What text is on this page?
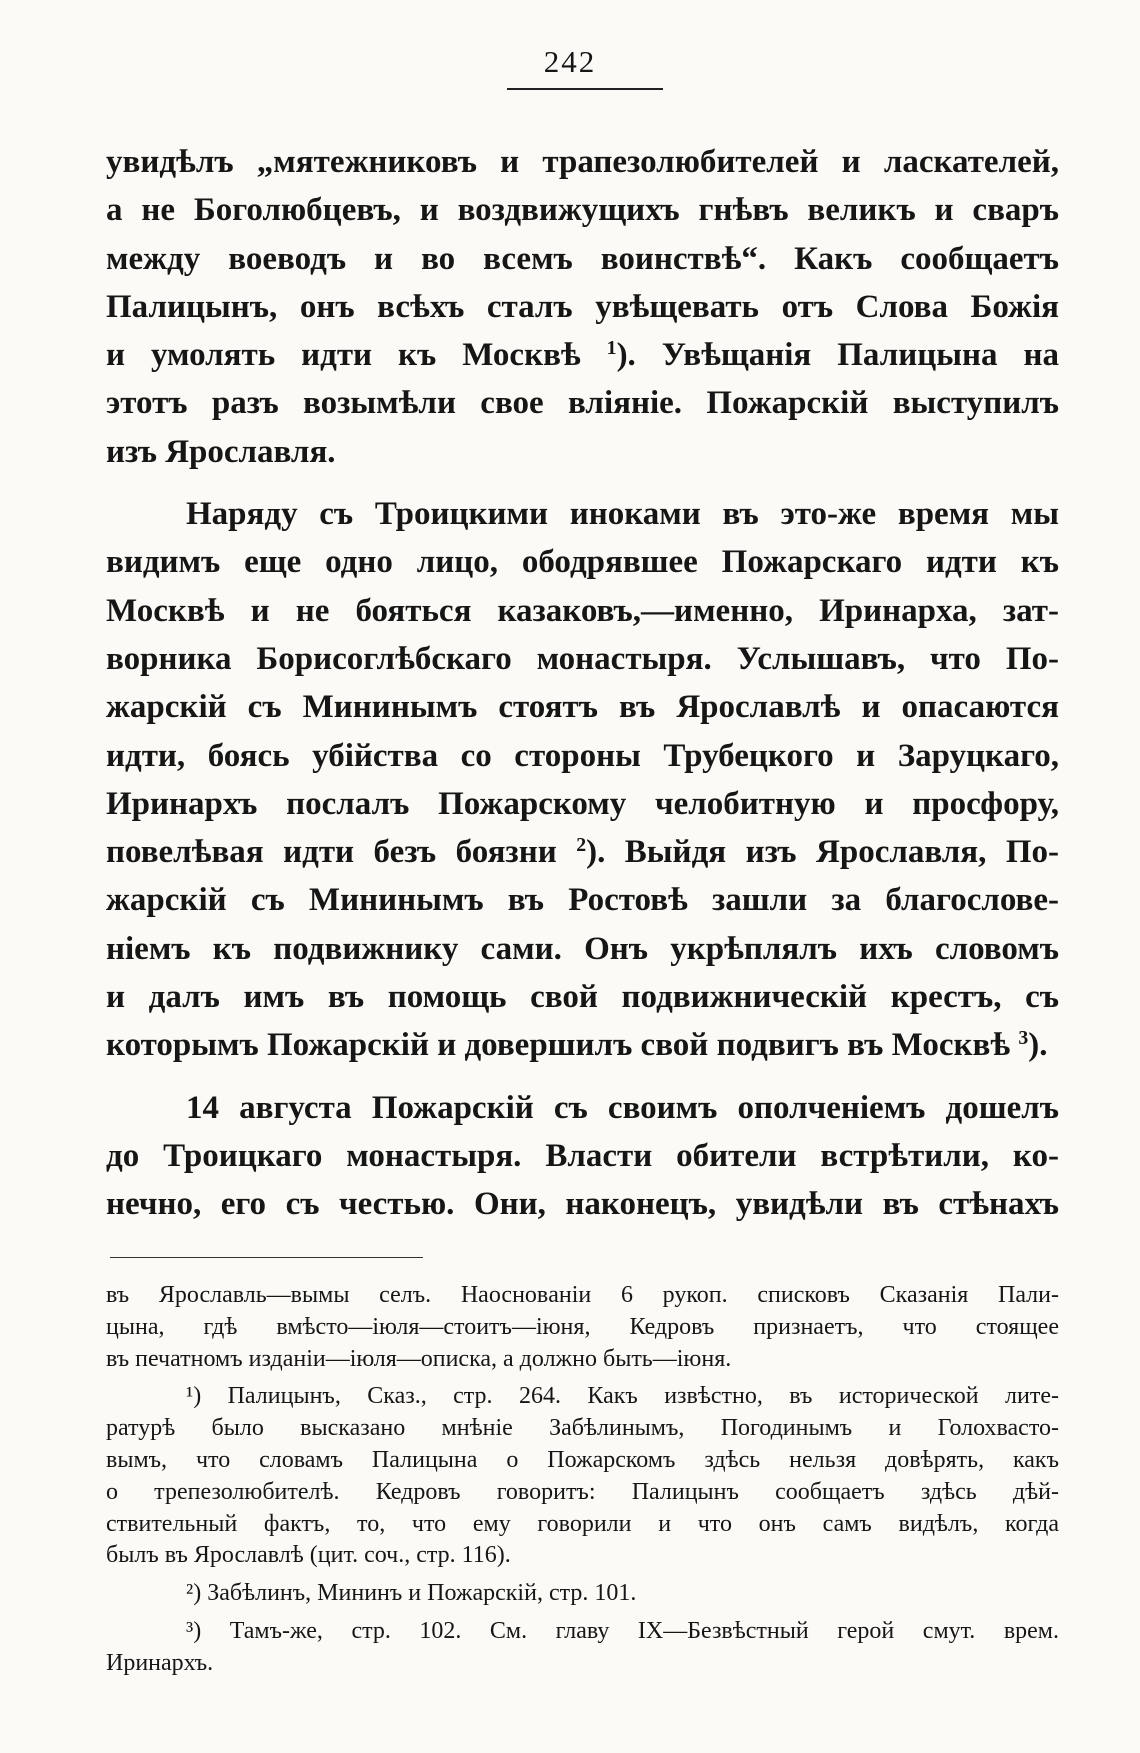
242

увидѣлъ „мятежниковъ и трапезолюбителей и ласкателей,

а не Боголюбцевъ, и воздвижущихъ гнѣвъ великъ и сваръ

между воеводъ и во всемъ воинствѣ“. Какъ сообщаетъ

Палицынъ, онъ всѣхъ сталъ увѣщевать отъ Слова Божія

и умолять идти къ Москвѣ $^1$). Увѣщанія Палицына на

этотъ разъ возымѣли свое вліяніе. Пожарскій выступилъ

изъ Ярославля.

Наряду съ Троицкими иноками въ это-же время мы

видимъ еще одно лицо, ободрявшее Пожарскаго идти къ

Москвѣ и не бояться казаковъ,—именно, Иринарха, зат-

ворника Борисоглѣбскаго монастыря. Услышавъ, что По-

жарскій съ Мининымъ стоятъ въ Ярославлѣ и опасаются

идти, боясь убійства со стороны Трубецкого и Заруцкаго,

Иринархъ послалъ Пожарскому челобитную и просфору,

повелѣвая идти безъ боязни $^2$). Выйдя изъ Ярославля, По-

жарскій съ Мининымъ въ Ростовѣ зашли за благослове-

ніемъ къ подвижнику сами. Онъ укрѣплялъ ихъ словомъ

и далъ имъ въ помощь свой подвижническій крестъ, съ

которымъ Пожарскій и довершилъ свой подвигъ въ Москвѣ $^3$).

14 августа Пожарскій съ своимъ ополченіемъ дошелъ

до Троицкаго монастыря. Власти обители встрѣтили, ко-

нечно, его съ честью. Они, наконецъ, увидѣли въ стѣнахъ

въ Ярославль—вымы селъ. Наосновaніи 6 рукоп. списковъ Сказанія Пали-

цына, гдѣ вмѣсто—іюля—стоитъ—іюня, Кедровъ признаетъ, что стоящее

въ печатномъ изданіи—іюля—описка, а должно быть—іюня.

¹) Палицынъ, Сказ., стр. 264. Какъ извѣстно, въ исторической лите-

ратурѣ было высказано мнѣніе Забѣлинымъ, Погодинымъ и Голохвасто-

вымъ, что словамъ Палицына о Пожарскомъ здѣсь нельзя довѣрять, какъ

о трепезолюбителѣ. Кедровъ говоритъ: Палицынъ сообщаетъ здѣсь дѣй-

ствительный фактъ, то, что ему говорили и что онъ самъ видѣлъ, когда

былъ въ Ярославлѣ (цит. соч., стр. 116).

²) Забѣлинъ, Мининъ и Пожарскій, стр. 101.

³) Тамъ-же, стр. 102. См. главу IX—Безвѣстный герой смут. врем.

Иринархъ.
